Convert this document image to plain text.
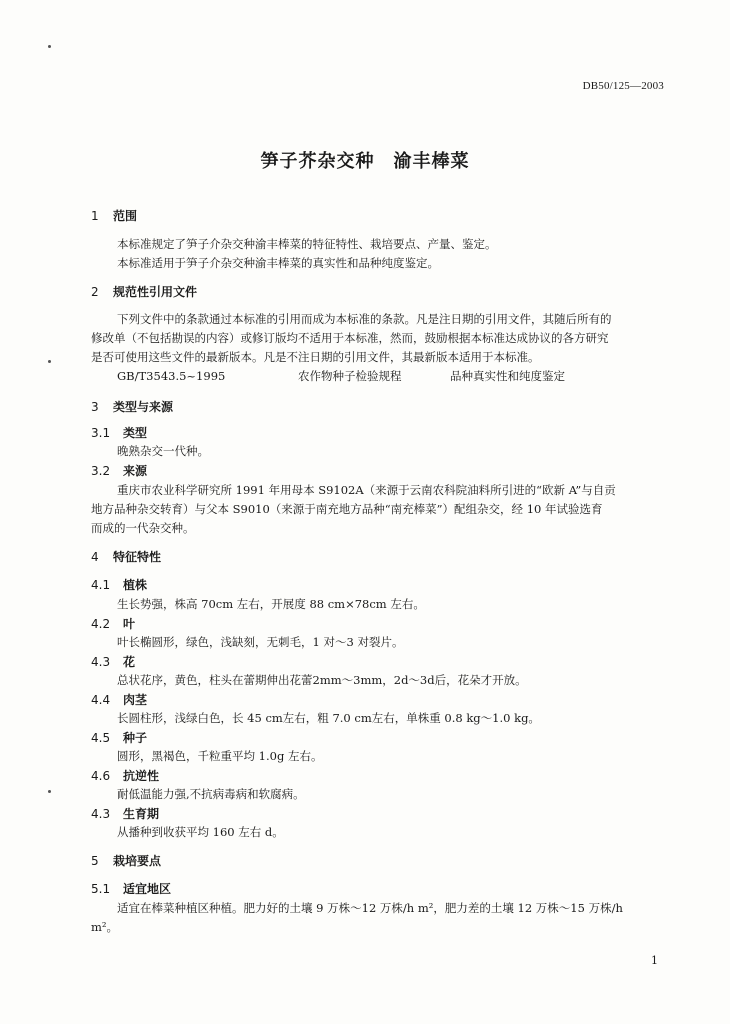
DB50/125—2003
笋子芥杂交种　渝丰棒菜
1 范围
本标准规定了笋子介杂交种渝丰棒菜的特征特性、栽培要点、产量、鉴定。
本标准适用于笋子介杂交种渝丰棒菜的真实性和品种纯度鉴定。
2 规范性引用文件
下列文件中的条款通过本标准的引用而成为本标准的条款。凡是注日期的引用文件，其随后所有的
修改单（不包括勘误的内容）或修订版均不适用于本标准，然而，鼓励根据本标准达成协议的各方研究
是否可使用这些文件的最新版本。凡是不注日期的引用文件，其最新版本适用于本标准。
GB/T3543.5~1995	农作物种子检验规程	品种真实性和纯度鉴定
3 类型与来源
3.1 类型
晚熟杂交一代种。
3.2 来源
重庆市农业科学研究所 1991 年用母本 S9102A（来源于云南农科院油料所引进的“欧新 A”与自贡
地方品种杂交转育）与父本 S9010（来源于南充地方品种“南充棒菜”）配组杂交，经 10 年试验选育
而成的一代杂交种。
4 特征特性
4.1 植株
生长势强，株高 70cm 左右，开展度 88 cm×78cm 左右。
4.2 叶
叶长椭圆形，绿色，浅缺刻，无刺毛，1 对～3 对裂片。
4.3 花
总状花序，黄色，柱头在蕾期伸出花蕾2mm～3mm，2d～3d后，花朵才开放。
4.4 肉茎
长圆柱形，浅绿白色，长 45 cm左右，粗 7.0 cm左右，单株重 0.8 kg～1.0 kg。
4.5 种子
圆形，黑褐色，千粒重平均 1.0g 左右。
4.6 抗逆性
耐低温能力强,不抗病毒病和软腐病。
4.3 生育期
从播种到收获平均 160 左右 d。
5 栽培要点
5.1 适宜地区
适宜在棒菜种植区种植。肥力好的土壤 9 万株～12 万株/h m²，肥力差的土壤 12 万株～15 万株/h
m²。
1
